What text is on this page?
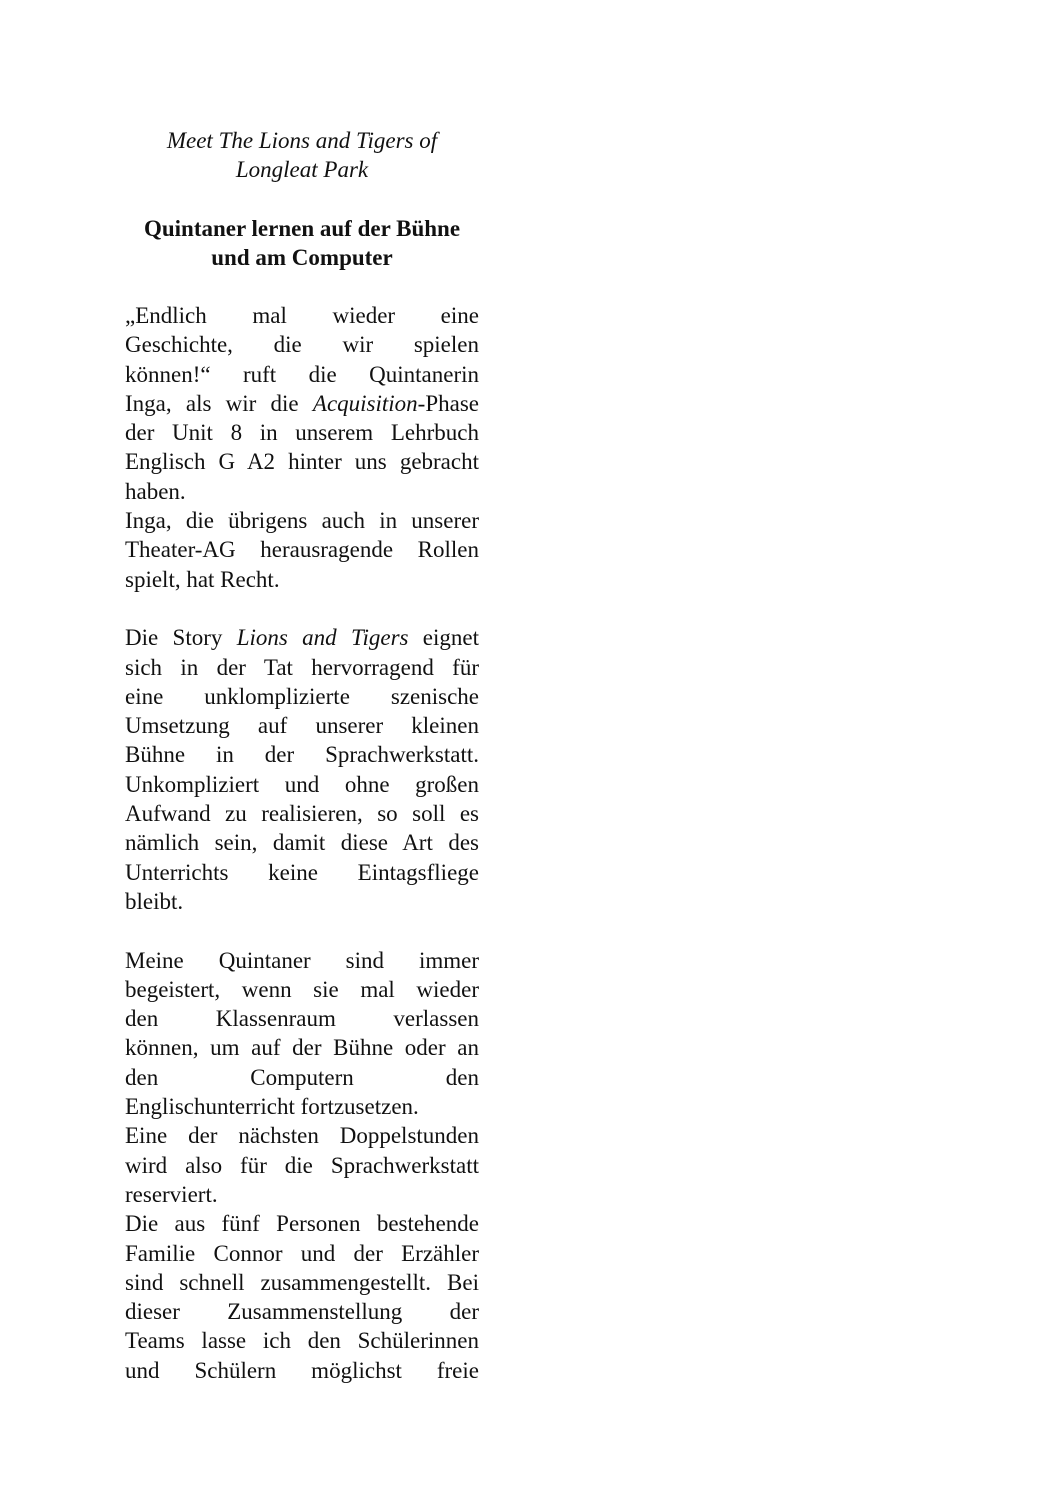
Meet The Lions and Tigers of
Longleat Park

Quintaner lernen auf der Bühne
und am Computer
„Endlich mal wieder eine
Geschichte, die wir spielen
können!“ ruft die Quintanerin
Inga, als wir die Acquisition-Phase
der Unit 8 in unserem Lehrbuch
Englisch G A2 hinter uns gebracht
haben.
Inga, die übrigens auch in unserer
Theater-AG herausragende Rollen
spielt, hat Recht.
Die Story Lions and Tigers eignet
sich in der Tat hervorragend für
eine unklomplizierte szenische
Umsetzung auf unserer kleinen
Bühne in der Sprachwerkstatt.
Unkompliziert und ohne großen
Aufwand zu realisieren, so soll es
nämlich sein, damit diese Art des
Unterrichts keine Eintagsfliege
bleibt.
Meine Quintaner sind immer
begeistert, wenn sie mal wieder
den Klassenraum verlassen
können, um auf der Bühne oder an
den Computern den
Englischunterricht fortzusetzen.
Eine der nächsten Doppelstunden
wird also für die Sprachwerkstatt
reserviert.
Die aus fünf Personen bestehende
Familie Connor und der Erzähler
sind schnell zusammengestellt. Bei
dieser Zusammenstellung der
Teams lasse ich den Schülerinnen
und Schülern möglichst freie
